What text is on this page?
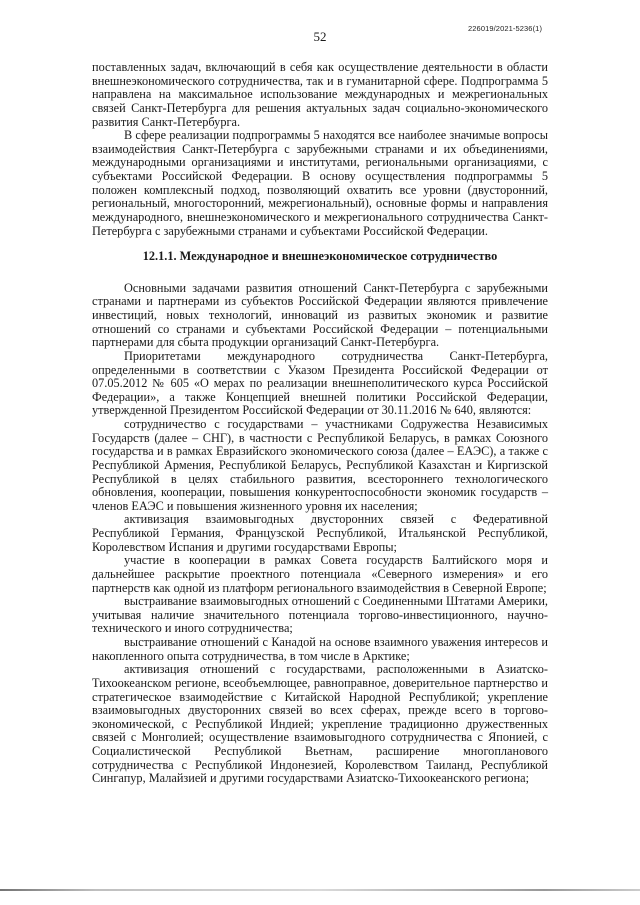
226019/2021-5236(1)
52

поставленных задач, включающий в себя как осуществление деятельности в области внешнеэкономического сотрудничества, так и в гуманитарной сфере. Подпрограмма 5 направлена на максимальное использование международных и межрегиональных связей Санкт-Петербурга для решения актуальных задач социально-экономического развития Санкт-Петербурга.

В сфере реализации подпрограммы 5 находятся все наиболее значимые вопросы взаимодействия Санкт-Петербурга с зарубежными странами и их объединениями, международными организациями и институтами, региональными организациями, с субъектами Российской Федерации. В основу осуществления подпрограммы 5 положен комплексный подход, позволяющий охватить все уровни (двусторонний, региональный, многосторонний, межрегиональный), основные формы и направления международного, внешнеэкономического и межрегионального сотрудничества Санкт-Петербурга с зарубежными странами и субъектами Российской Федерации.

12.1.1. Международное и внешнеэкономическое сотрудничество

Основными задачами развития отношений Санкт-Петербурга с зарубежными странами и партнерами из субъектов Российской Федерации являются привлечение инвестиций, новых технологий, инноваций из развитых экономик и развитие отношений со странами и субъектами Российской Федерации – потенциальными партнерами для сбыта продукции организаций Санкт-Петербурга.

Приоритетами международного сотрудничества Санкт-Петербурга, определенными в соответствии с Указом Президента Российской Федерации от 07.05.2012 № 605 «О мерах по реализации внешнеполитического курса Российской Федерации», а также Концепцией внешней политики Российской Федерации, утвержденной Президентом Российской Федерации от 30.11.2016 № 640, являются:

сотрудничество с государствами – участниками Содружества Независимых Государств (далее – СНГ), в частности с Республикой Беларусь, в рамках Союзного государства и в рамках Евразийского экономического союза (далее – ЕАЭС), а также с Республикой Армения, Республикой Беларусь, Республикой Казахстан и Киргизской Республикой в целях стабильного развития, всестороннего технологического обновления, кооперации, повышения конкурентоспособности экономик государств – членов ЕАЭС и повышения жизненного уровня их населения;

активизация взаимовыгодных двусторонних связей с Федеративной Республикой Германия, Французской Республикой, Итальянской Республикой, Королевством Испания и другими государствами Европы;

участие в кооперации в рамках Совета государств Балтийского моря и дальнейшее раскрытие проектного потенциала «Северного измерения» и его партнерств как одной из платформ регионального взаимодействия в Северной Европе;

выстраивание взаимовыгодных отношений с Соединенными Штатами Америки, учитывая наличие значительного потенциала торгово-инвестиционного, научно-технического и иного сотрудничества;

выстраивание отношений с Канадой на основе взаимного уважения интересов и накопленного опыта сотрудничества, в том числе в Арктике;

активизация отношений с государствами, расположенными в Азиатско-Тихоокеанском регионе, всеобъемлющее, равноправное, доверительное партнерство и стратегическое взаимодействие с Китайской Народной Республикой; укрепление взаимовыгодных двусторонних связей во всех сферах, прежде всего в торгово-экономической, с Республикой Индией; укрепление традиционно дружественных связей с Монголией; осуществление взаимовыгодного сотрудничества с Японией, с Социалистической Республикой Вьетнам, расширение многопланового сотрудничества с Республикой Индонезией, Королевством Таиланд, Республикой Сингапур, Малайзией и другими государствами Азиатско-Тихоокеанского региона;
